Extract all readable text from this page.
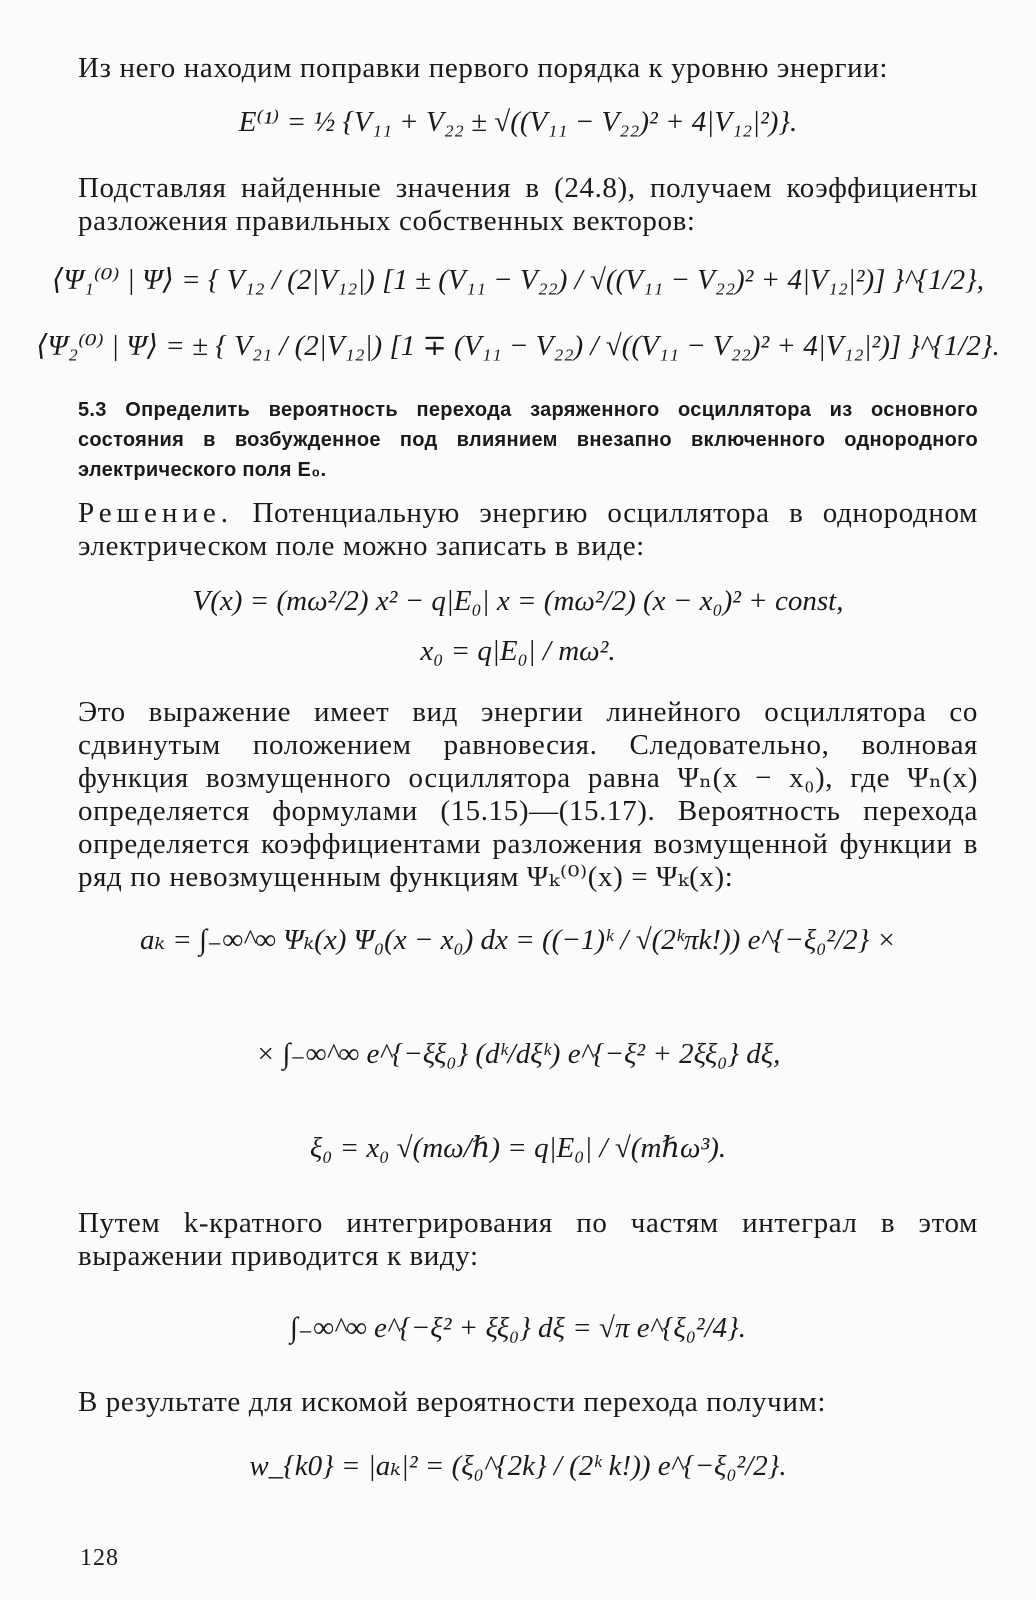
Из него находим поправки первого порядка к уровню энергии:

E⁽¹⁾ = ½ {V₁₁ + V₂₂ ± √((V₁₁ − V₂₂)² + 4|V₁₂|²)}.

Подставляя найденные значения в (24.8), получаем коэффициенты разложения правильных собственных векторов:

⟨Ψ₁⁽⁰⁾ | Ψ⟩ = { V₁₂ / (2|V₁₂|) [1 ± (V₁₁ − V₂₂) / √((V₁₁ − V₂₂)² + 4|V₁₂|²)] }^{1/2},

⟨Ψ₂⁽⁰⁾ | Ψ⟩ = ± { V₂₁ / (2|V₁₂|) [1 ∓ (V₁₁ − V₂₂) / √((V₁₁ − V₂₂)² + 4|V₁₂|²)] }^{1/2}.

5.3 Определить вероятность перехода заряженного осциллятора из основного состояния в возбужденное под влиянием внезапно включенного однородного электрического поля E₀.

Решение. Потенциальную энергию осциллятора в однородном электрическом поле можно записать в виде:

V(x) = (mω²/2) x² − q|E₀| x = (mω²/2) (x − x₀)² + const,

x₀ = q|E₀| / mω².

Это выражение имеет вид энергии линейного осциллятора со сдвинутым положением равновесия. Следовательно, волновая функция возмущенного осциллятора равна Ψₙ(x − x₀), где Ψₙ(x) определяется формулами (15.15)—(15.17). Вероятность перехода определяется коэффициентами разложения возмущенной функции в ряд по невозмущенным функциям Ψₖ⁽⁰⁾(x) = Ψₖ(x):

aₖ = ∫₋∞^∞ Ψₖ(x) Ψ₀(x − x₀) dx = ((−1)ᵏ / √(2ᵏπk!)) e^{−ξ₀²/2} ×

× ∫₋∞^∞ e^{−ξξ₀} (dᵏ/dξᵏ) e^{−ξ² + 2ξξ₀} dξ,

ξ₀ = x₀ √(mω/ℏ) = q|E₀| / √(mℏω³).

Путем k-кратного интегрирования по частям интеграл в этом выражении приводится к виду:

∫₋∞^∞ e^{−ξ² + ξξ₀} dξ = √π e^{ξ₀²/4}.

В результате для искомой вероятности перехода получим:

w_{k0} = |aₖ|² = (ξ₀^{2k} / (2ᵏ k!)) e^{−ξ₀²/2}.

128
